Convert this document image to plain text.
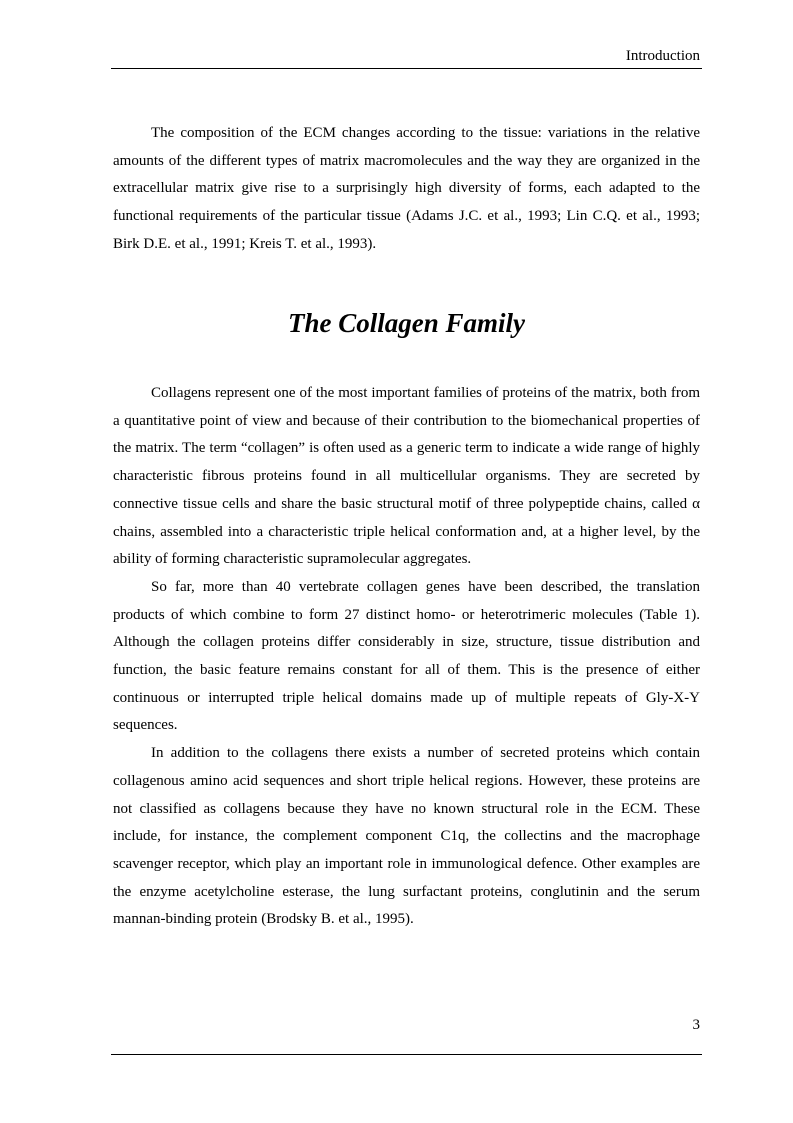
Introduction

The composition of the ECM changes according to the tissue: variations in the relative amounts of the different types of matrix macromolecules and the way they are organized in the extracellular matrix give rise to a surprisingly high diversity of forms, each adapted to the functional requirements of the particular tissue (Adams J.C. et al., 1993; Lin C.Q. et al., 1993; Birk D.E. et al., 1991; Kreis T. et al., 1993).

The Collagen Family

Collagens represent one of the most important families of proteins of the matrix, both from a quantitative point of view and because of their contribution to the biomechanical properties of the matrix. The term “collagen” is often used as a generic term to indicate a wide range of highly characteristic fibrous proteins found in all multicellular organisms. They are secreted by connective tissue cells and share the basic structural motif of three polypeptide chains, called α chains, assembled into a characteristic triple helical conformation and, at a higher level, by the ability of forming characteristic supramolecular aggregates.

So far, more than 40 vertebrate collagen genes have been described, the translation products of which combine to form 27 distinct homo- or heterotrimeric molecules (Table 1). Although the collagen proteins differ considerably in size, structure, tissue distribution and function, the basic feature remains constant for all of them. This is the presence of either continuous or interrupted triple helical domains made up of multiple repeats of Gly-X-Y sequences.

In addition to the collagens there exists a number of secreted proteins which contain collagenous amino acid sequences and short triple helical regions. However, these proteins are not classified as collagens because they have no known structural role in the ECM. These include, for instance, the complement component C1q, the collectins and the macrophage scavenger receptor, which play an important role in immunological defence. Other examples are the enzyme acetylcholine esterase, the lung surfactant proteins, conglutinin and the serum mannan-binding protein (Brodsky B. et al., 1995).

3
